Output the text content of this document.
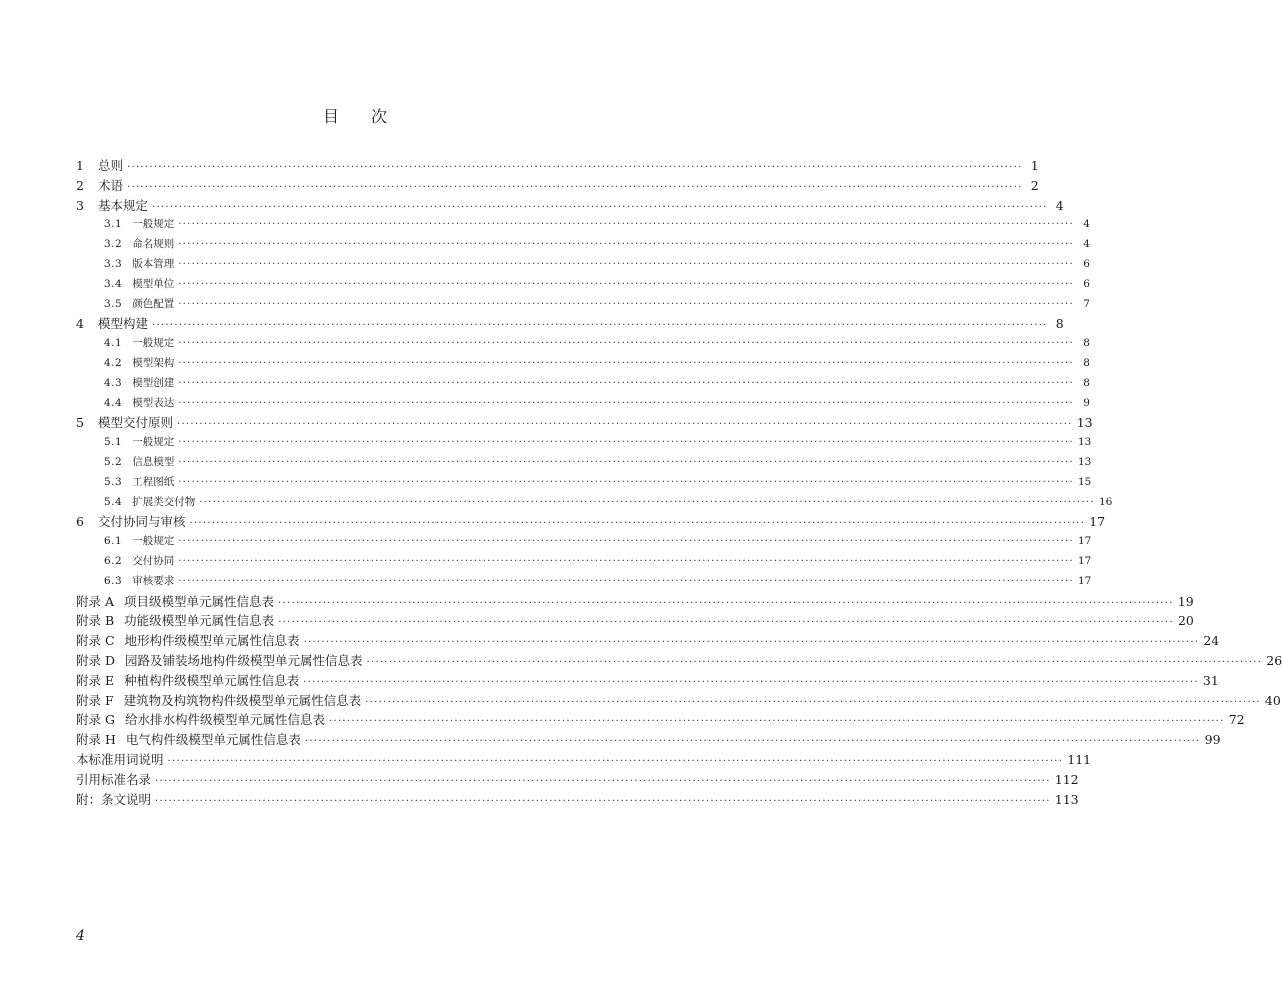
目 次
1 总则 ········································································································································································································ 1
2 术语 ········································································································································································································ 2
3 基本规定 ········································································································································································································ 4
3.1 一般规定 ········································································································································································································ 4
3.2 命名规则 ········································································································································································································ 4
3.3 版本管理 ········································································································································································································ 6
3.4 模型单位 ········································································································································································································ 6
3.5 颜色配置 ········································································································································································································ 7
4 模型构建 ········································································································································································································ 8
4.1 一般规定 ········································································································································································································ 8
4.2 模型架构 ········································································································································································································ 8
4.3 模型创建 ········································································································································································································ 8
4.4 模型表达 ········································································································································································································ 9
5 模型交付原则 ········································································································································································································ 13
5.1 一般规定 ········································································································································································································ 13
5.2 信息模型 ········································································································································································································ 13
5.3 工程图纸 ········································································································································································································ 15
5.4 扩展类交付物 ········································································································································································································ 16
6 交付协同与审核 ········································································································································································································ 17
6.1 一般规定 ········································································································································································································ 17
6.2 交付协同 ········································································································································································································ 17
6.3 审核要求 ········································································································································································································ 17
附录 A 项目级模型单元属性信息表 ········································································································································································································ 19
附录 B 功能级模型单元属性信息表 ········································································································································································································ 20
附录 C 地形构件级模型单元属性信息表 ········································································································································································································ 24
附录 D 园路及铺装场地构件级模型单元属性信息表 ········································································································································································································ 26
附录 E 种植构件级模型单元属性信息表 ········································································································································································································ 31
附录 F 建筑物及构筑物构件级模型单元属性信息表 ········································································································································································································ 40
附录 G 给水排水构件级模型单元属性信息表 ········································································································································································································ 72
附录 H 电气构件级模型单元属性信息表 ········································································································································································································ 99
本标准用词说明 ········································································································································································································ 111
引用标准名录 ········································································································································································································ 112
附：条文说明 ········································································································································································································ 113
4
